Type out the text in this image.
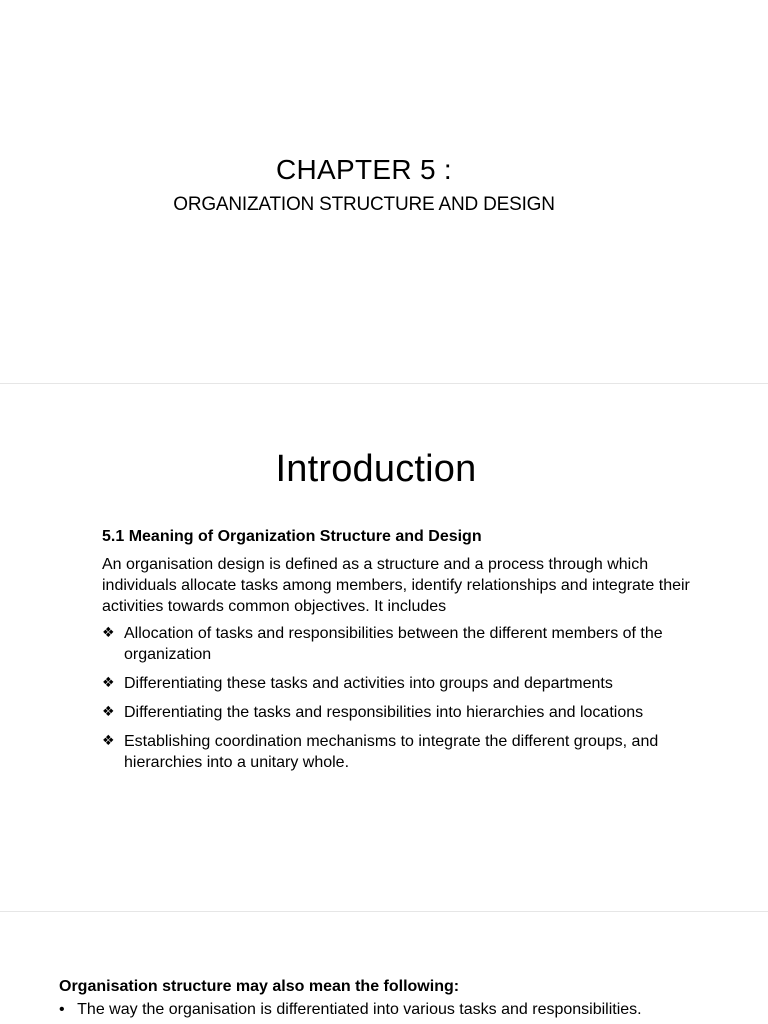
CHAPTER 5 :
ORGANIZATION STRUCTURE AND DESIGN
Introduction
5.1 Meaning of Organization Structure and Design
An organisation design is defined as a structure and a process through which individuals allocate tasks among members, identify relationships and integrate their activities towards common objectives. It includes
❖ Allocation of tasks and responsibilities between the different members of the organization
❖ Differentiating these tasks and activities into groups and departments
❖ Differentiating the tasks and responsibilities into hierarchies and locations
❖ Establishing coordination mechanisms to integrate the different groups, and hierarchies into a unitary whole.
Organisation structure may also mean the following:
• The way the organisation is differentiated into various tasks and responsibilities.
